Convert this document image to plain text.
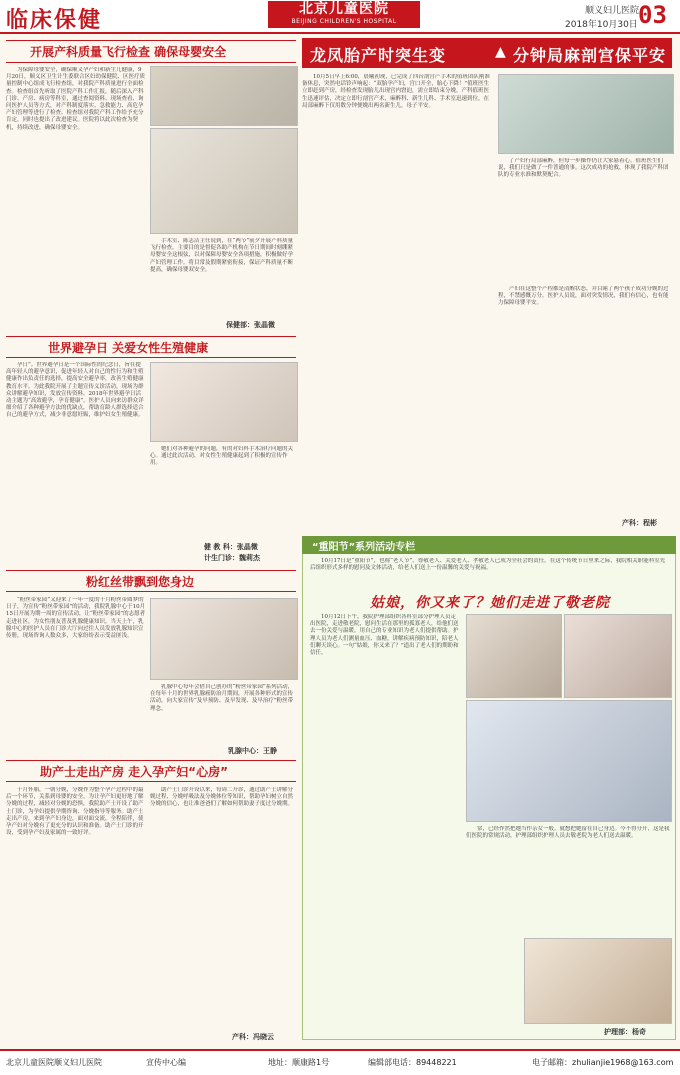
临床保健	北京儿童医院
BEIJING CHILDREN'S HOSPITAL
顺义妇儿医院
2018年10月30日 03
开展产科质量飞行检查 确保母婴安全

为保障母婴安全，确保顺义孕产妇和新生儿健康，9月20日，顺义区卫生计生委联合区妇幼保健院、区医疗质量控制中心组成飞行检查组，对我院产科质量进行全面检查。检查组首先听取了医院产科工作汇报，随后深入产科门诊、产房、病房等科室，通过查阅资料、现场查看、询问医护人员等方式，对产科制度落实、急救能力、高危孕产妇管理等进行了检查。检查组对我院产科工作给予充分肯定，同时也提出了改进建议。医院将以此次检查为契机，持续改进，确保母婴安全。

手术室、陈志洁主任说到，在“两节”前夕开展产科质量飞行检查，主要目的是督促各助产机构在节日期间时刻绷紧母婴安全这根弦，以对保障母婴安全各项措施，积极做好孕产妇管理工作。将目常及假期紧密衔接，保证产科质量不断提高，确保母婴双安全。

保健部：张晶微
世界避孕日 关爱女性生殖健康

孕日”。世界避孕日是一个国际性的纪念日，旨在提高年轻人的避孕意识，促进年轻人对自己的性行为和生殖健康作出负责任的选择，提高安全避孕率，改善生殖健康教育水平。为此我院开展了主题宣传义诊活动，现场为群众讲解避孕知识，发放宣传资料。2018年世界避孕日活动主题为“高效避孕，孕育健康”。医护人员向来访群众详细介绍了各种避孕方法的优缺点，帮助育龄人群选择适合自己的避孕方式，减少非意愿妊娠，维护妇女生殖健康。

她们对各种避孕的问题，有的对妇科手术治疗问题的关心。通过此次活动，对女性生殖健康起到了积极的宣传作用。

健 教 科：张晶微
计生门诊：魏莉杰
粉红丝带飘到您身边

“粉丝带家园”又迎来了一年一度的十月粉丝带圆梦的日子，为宣传“粉丝带家园”的活动，我院乳腺中心于10月15日开展为期一周的宣传活动，让“粉丝带家园”的志愿者走进社区，为女性朋友普及乳腺健康知识。当天上午，乳腺中心的医护人员在门诊大厅向过往人员发放乳腺知识宣传册，现场咨询人数众多，大家纷纷表示受益匪浅。

乳腺中心每年会借自己创办的“粉丝带家园”系列活动，在每年十月的世界乳腺癌防治月期间，开展各种形式的宣传活动，向大家宣传“及早预防、及早发现、及早治疗”粉丝带理念。

乳腺中心：王静
助产士走出产房 走入孕产妇“心房”

十月怀胎，一朝分娩，分娩作为整个孕产过程中的最后一个环节，关系到母婴的安全。为让孕产妇更好地了解分娩的过程，减轻对分娩的恐惧，我院助产士开设了助产士门诊，为孕妇提供孕期咨询、分娩指导等服务。助产士走出产房，来到孕产妇身边，面对面交流，全程陪伴，使孕产妇对分娩有了更充分的认识和准备。助产士门诊的开设，受到孕产妇及家属的一致好评。

助产士门诊开设以来，每周二开诊，通过助产士讲解分娩过程、分娩呼吸法及分娩体位等知识，帮助孕妇树立自然分娩的信心，也让准爸爸们了解如何帮助妻子度过分娩期。

产科：冯晓云
龙凤胎产时突生变	▲ 分钟局麻剖宫保平安

10月5日早上6:00，晨曦初现，已完成了四台剖宫产手术的值班团队刚准备休息，突然电话铃声响起：“双胎孕产妇，宫口开全，胎心下降！”值班医生立即赶到产房，经检查发现胎儿出现宫内窘迫，需立即结束分娩。产科值班医生迅速评估，决定立即行剖宫产术，麻醉科、新生儿科、手术室迅速到位，在局部麻醉下仅用数分钟便娩出两名新生儿，母子平安。

了产妇行局部麻醉，但每一步操作仍让大家悬着心。值班医生们说，我们只是做了一件普通的事。这次成功的抢救，体现了我院产科团队的专业水准和默契配合。

产妇在这整个产程都是清醒状态，并目睹了两个孩子成功分娩的过程，不禁感慨万分。医护人员说，面对突发情况，我们有信心，也有能力保障母婴平安。

产科：程彬
“重阳节”系列活动专栏

10月17日是“重阳节”，也称“老人节”，尊敬老人、关爱老人、孝敬老人已成为全社会的责任。在这个传统节日里来之际，我院相关职能科室先后组织形式多样的慰问及文体活动，给老人们送上一份温馨的关爱与祝福。

姑娘，你又来了？她们走进了敬老院

10月12日下午，我院护理部组织各科室部分护理人员走出医院，走进敬老院，慰问生活在那里的孤寡老人，给他们送去一份关爱与温暖。用自己的专业知识为老人们提供帮助。护理人员为老人们测量血压、血糖，讲解疾病预防知识，陪老人们聊天谈心。一句“姑娘，你又来了？”道出了老人们的期盼和信任。

常，已经作然把她当作亲女一般。就想把她留在自己身边。今不得分开，这是我们医院的常规活动，护理部组织护理人员去敬老院为老人们送去温暖。

护理部：杨奇
北京儿童医院顺义妇儿医院	宣传中心编	地址：顺康路1号	编辑部电话：89448221	电子邮箱：zhulianjie1968@163.com
